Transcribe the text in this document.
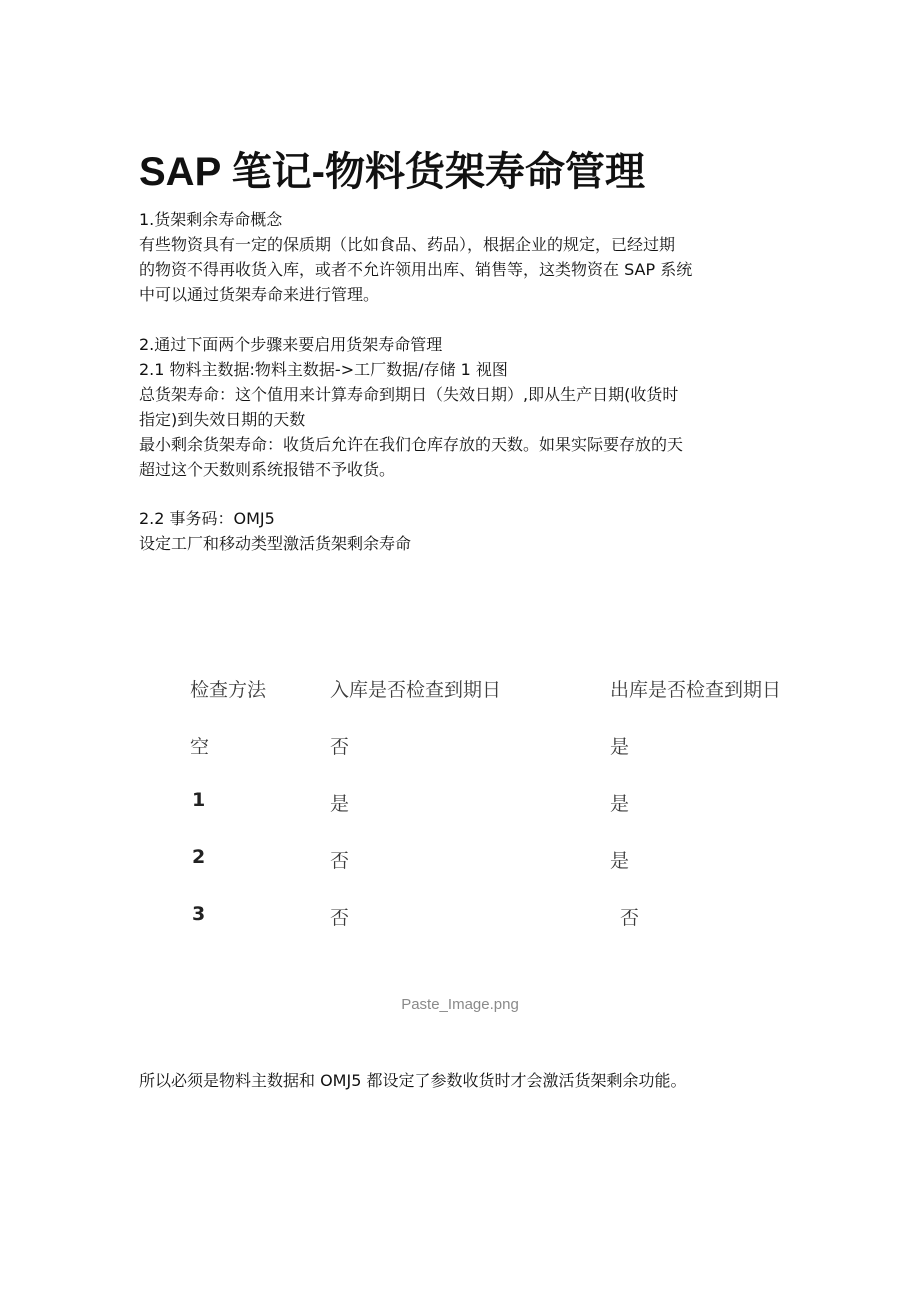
SAP 笔记-物料货架寿命管理
1.货架剩余寿命概念
有些物资具有一定的保质期（比如食品、药品），根据企业的规定，已经过期
的物资不得再收货入库，或者不允许领用出库、销售等，这类物资在 SAP 系统
中可以通过货架寿命来进行管理。
2.通过下面两个步骤来要启用货架寿命管理
2.1 物料主数据:物料主数据->工厂数据/存储 1 视图
总货架寿命：这个值用来计算寿命到期日（失效日期）,即从生产日期(收货时
指定)到失效日期的天数
最小剩余货架寿命：收货后允许在我们仓库存放的天数。如果实际要存放的天
超过这个天数则系统报错不予收货。
2.2 事务码：OMJ5
设定工厂和移动类型激活货架剩余寿命
检查方法	入库是否检查到期日	出库是否检查到期日
空	否	是
1	是	是
2	否	是
3	否	否
Paste_Image.png
所以必须是物料主数据和 OMJ5 都设定了参数收货时才会激活货架剩余功能。
